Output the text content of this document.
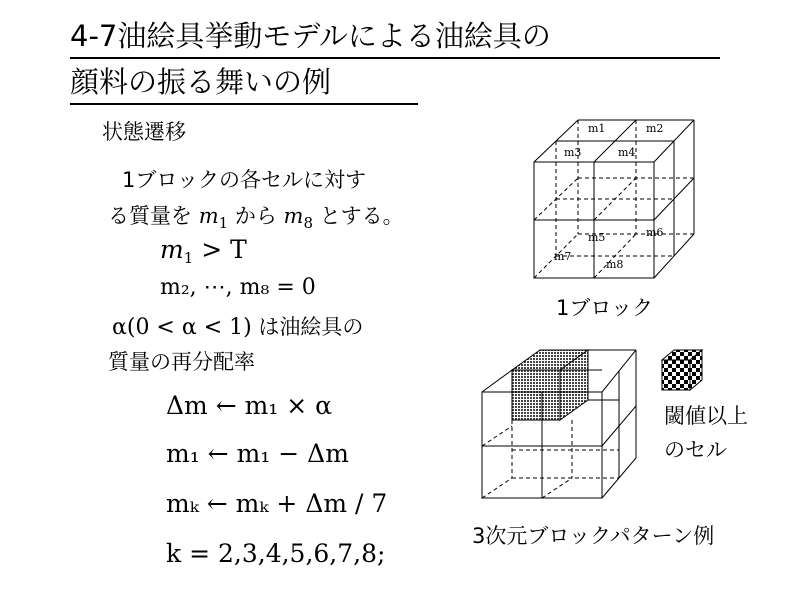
4-7油絵具挙動モデルによる油絵具の
顔料の振る舞いの例
状態遷移
1ブロックの各セルに対す
る質量を $m_1$ から $m_8$ とする。
$m_1 > T$
m₂, ⋯, m₈ = 0
α(0 < α < 1) は油絵具の
質量の再分配率
Δm ← m₁ × α
m₁ ← m₁ − Δm
mₖ ← mₖ + Δm / 7
k = 2,3,4,5,6,7,8;
m1	m2
m3	m4
m5	m6
m7
m8
1ブロック
閾値以上
のセル
3次元ブロックパターン例
